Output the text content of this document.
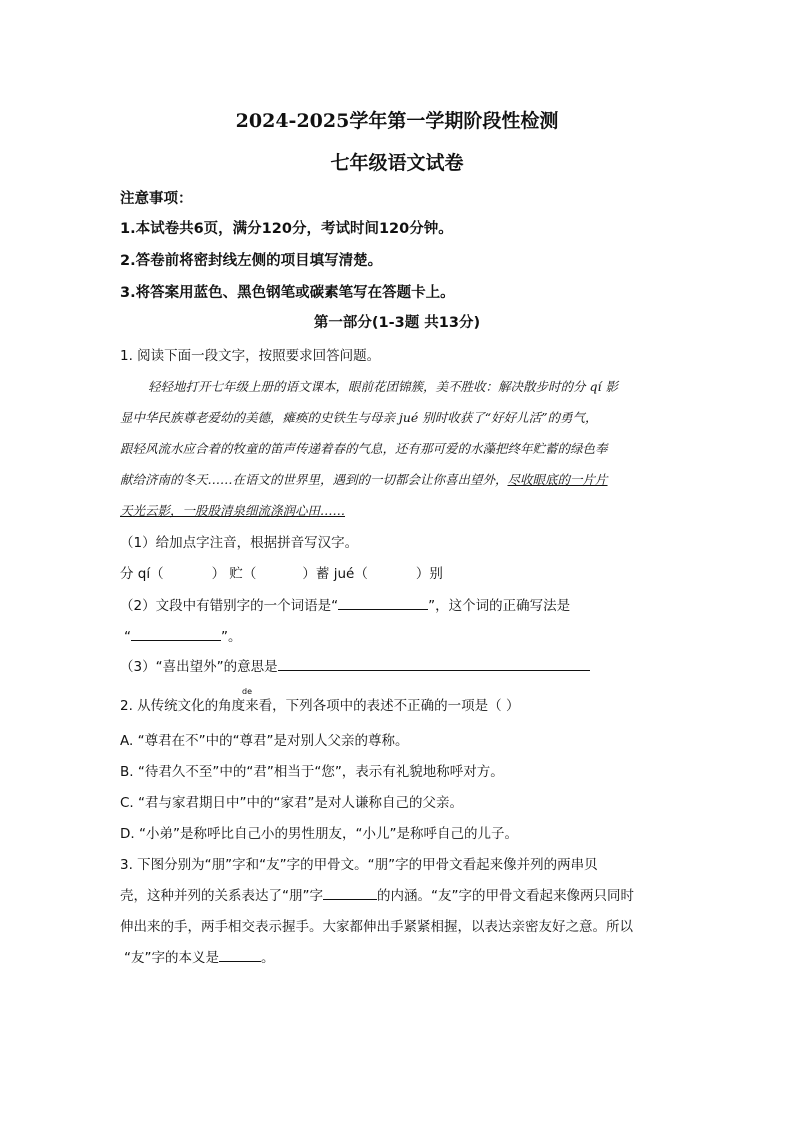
2024-2025学年第一学期阶段性检测
七年级语文试卷
注意事项：
1.本试卷共6页，满分120分，考试时间120分钟。
2.答卷前将密封线左侧的项目填写清楚。
3.将答案用蓝色、黑色钢笔或碳素笔写在答题卡上。
第一部分(1-3题 共13分)
1. 阅读下面一段文字，按照要求回答问题。
轻轻地打开七年级上册的语文课本，眼前花团锦簇，美不胜收：解决散步时的分 qí 影
显中华民族尊老爱幼的美德，瘫痪的史铁生与母亲 jué 别时收获了“好好儿活”的勇气，
跟轻风流水应合着的牧童的笛声传递着春的气息，还有那可爱的水藻把终年贮蓄的绿色奉
献给济南的冬天……在语文的世界里，遇到的一切都会让你喜出望外，尽收眼底的一片片
天光云影，一股股清泉细流涤润心田……
（1）给加点字注音，根据拼音写汉字。
分 qí（	） 贮（	）蓄 jué（	）别
（2）文段中有错别字的一个词语是“	”，这个词的正确写法是
“	”。
（3）“喜出望外”的意思是
2. 从传统文化的
de
角度来看，下列各项中的表述不正确的一项是（ ）
A. “尊君在不”中的“尊君”是对别人父亲的尊称。
B. “待君久不至”中的“君”相当于“您”，表示有礼貌地称呼对方。
C. “君与家君期日中”中的“家君”是对人谦称自己的父亲。
D. “小弟”是称呼比自己小的男性朋友，“小儿”是称呼自己的儿子。
3. 下图分别为“朋”字和“友”字的甲骨文。“朋”字的甲骨文看起来像并列的两串贝
壳，这种并列的关系表达了“朋”字	的内涵。“友”字的甲骨文看起来像两只同时
伸出来的手，两手相交表示握手。大家都伸出手紧紧相握，以表达亲密友好之意。所以
“友”字的本义是	。
